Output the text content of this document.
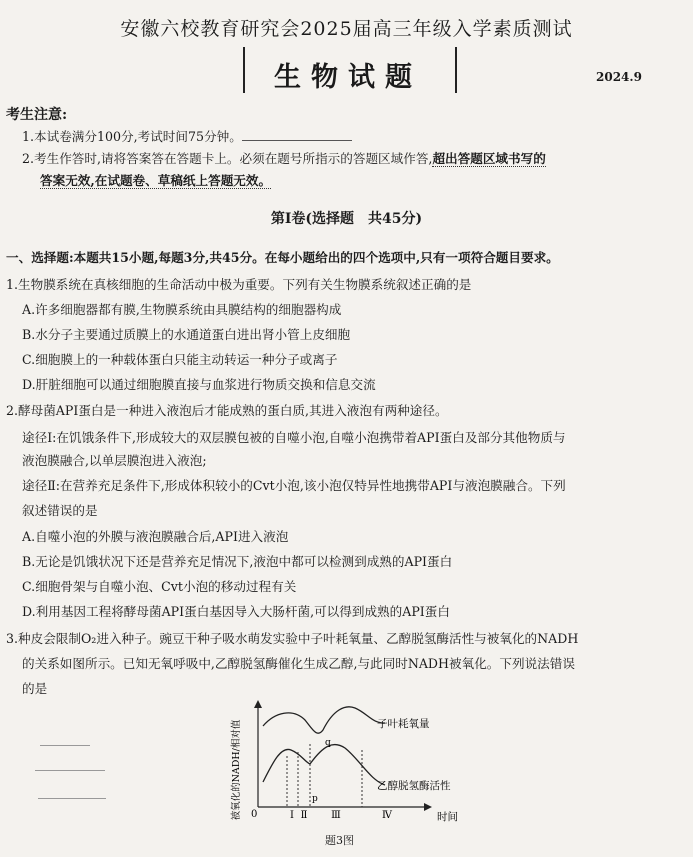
安徽六校教育研究会2025届高三年级入学素质测试
生物试题	2024.9
考生注意:
1.本试卷满分100分,考试时间75分钟。
2.考生作答时,请将答案答在答题卡上。必须在题号所指示的答题区域作答,超出答题区域书写的
答案无效,在试题卷、草稿纸上答题无效。
第Ⅰ卷(选择题　共45分)
一、选择题:本题共15小题,每题3分,共45分。在每小题给出的四个选项中,只有一项符合题目要求。
1.生物膜系统在真核细胞的生命活动中极为重要。下列有关生物膜系统叙述正确的是
A.许多细胞器都有膜,生物膜系统由具膜结构的细胞器构成
B.水分子主要通过质膜上的水通道蛋白进出肾小管上皮细胞
C.细胞膜上的一种载体蛋白只能主动转运一种分子或离子
D.肝脏细胞可以通过细胞膜直接与血浆进行物质交换和信息交流
2.酵母菌API蛋白是一种进入液泡后才能成熟的蛋白质,其进入液泡有两种途径。
途径Ⅰ:在饥饿条件下,形成较大的双层膜包被的自噬小泡,自噬小泡携带着API蛋白及部分其他物质与
液泡膜融合,以单层膜泡进入液泡;
途径Ⅱ:在营养充足条件下,形成体积较小的Cvt小泡,该小泡仅特异性地携带API与液泡膜融合。下列
叙述错误的是
A.自噬小泡的外膜与液泡膜融合后,API进入液泡
B.无论是饥饿状况下还是营养充足情况下,液泡中都可以检测到成熟的API蛋白
C.细胞骨架与自噬小泡、Cvt小泡的移动过程有关
D.利用基因工程将酵母菌API蛋白基因导入大肠杆菌,可以得到成熟的API蛋白
3.种皮会限制O₂进入种子。豌豆干种子吸水萌发实验中子叶耗氧量、乙醇脱氢酶活性与被氧化的NADH
的关系如图所示。已知无氧呼吸中,乙醇脱氢酶催化生成乙醇,与此同时NADH被氧化。下列说法错误
的是
被氧化的NADH/相对值	子叶耗氧量
乙醇脱氢酶活性
q
p
0	Ⅰ Ⅱ Ⅲ	Ⅳ	时间
题3图
